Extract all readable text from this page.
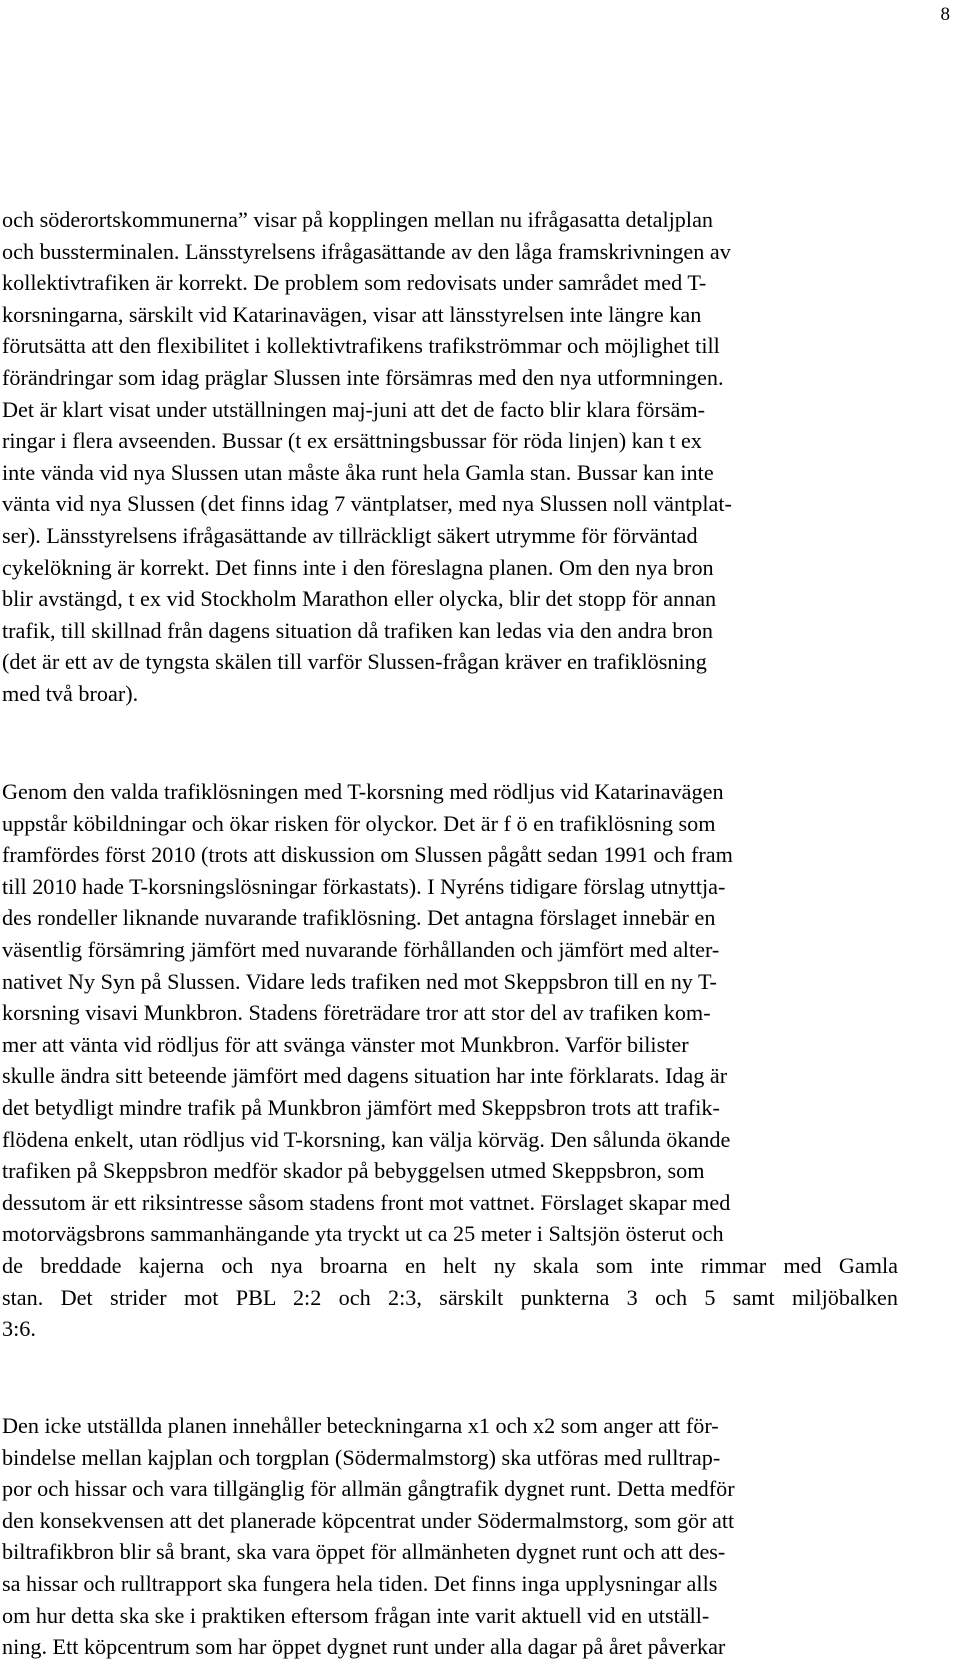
8
och söderortskommunerna” visar på kopplingen mellan nu ifrågasatta detaljplan
och bussterminalen. Länsstyrelsens ifrågasättande av den låga framskrivningen av
kollektivtrafiken är korrekt. De problem som redovisats under samrådet med T-
korsningarna, särskilt vid Katarinavägen, visar att länsstyrelsen inte längre kan
förutsätta att den flexibilitet i kollektivtrafikens trafikströmmar och möjlighet till
förändringar som idag präglar Slussen inte försämras med den nya utformningen.
Det är klart visat under utställningen maj-juni att det de facto blir klara försäm-
ringar i flera avseenden. Bussar (t ex ersättningsbussar för röda linjen) kan t ex
inte vända vid nya Slussen utan måste åka runt hela Gamla stan. Bussar kan inte
vänta vid nya Slussen (det finns idag 7 väntplatser, med nya Slussen noll väntplat-
ser). Länsstyrelsens ifrågasättande av tillräckligt säkert utrymme för förväntad
cykelökning är korrekt. Det finns inte i den föreslagna planen. Om den nya bron
blir avstängd, t ex vid Stockholm Marathon eller olycka, blir det stopp för annan
trafik, till skillnad från dagens situation då trafiken kan ledas via den andra bron
(det är ett av de tyngsta skälen till varför Slussen-frågan kräver en trafiklösning
med två broar).
Genom den valda trafiklösningen med T-korsning med rödljus vid Katarinavägen
uppstår köbildningar och ökar risken för olyckor. Det är f ö en trafiklösning som
framfördes först 2010 (trots att diskussion om Slussen pågått sedan 1991 och fram
till 2010 hade T-korsningslösningar förkastats). I Nyréns tidigare förslag utnyttja-
des rondeller liknande nuvarande trafiklösning. Det antagna förslaget innebär en
väsentlig försämring jämfört med nuvarande förhållanden och jämfört med alter-
nativet Ny Syn på Slussen. Vidare leds trafiken ned mot Skeppsbron till en ny T-
korsning visavi Munkbron. Stadens företrädare tror att stor del av trafiken kom-
mer att vänta vid rödljus för att svänga vänster mot Munkbron. Varför bilister
skulle ändra sitt beteende jämfört med dagens situation har inte förklarats. Idag är
det betydligt mindre trafik på Munkbron jämfört med Skeppsbron trots att trafik-
flödena enkelt, utan rödljus vid T-korsning, kan välja körväg. Den sålunda ökande
trafiken på Skeppsbron medför skador på bebyggelsen utmed Skeppsbron, som
dessutom är ett riksintresse såsom stadens front mot vattnet. Förslaget skapar med
motorvägsbrons sammanhängande yta tryckt ut ca 25 meter i Saltsjön österut och
de breddade kajerna och nya broarna en helt ny skala som inte rimmar med Gamla
stan. Det strider mot PBL 2:2 och 2:3, särskilt punkterna 3 och 5 samt miljöbalken
3:6.
Den icke utställda planen innehåller beteckningarna x1 och x2 som anger att för-
bindelse mellan kajplan och torgplan (Södermalmstorg) ska utföras med rulltrap-
por och hissar och vara tillgänglig för allmän gångtrafik dygnet runt. Detta medför
den konsekvensen att det planerade köpcentrat under Södermalmstorg, som gör att
biltrafikbron blir så brant, ska vara öppet för allmänheten dygnet runt och att des-
sa hissar och rulltrapport ska fungera hela tiden. Det finns inga upplysningar alls
om hur detta ska ske i praktiken eftersom frågan inte varit aktuell vid en utställ-
ning. Ett köpcentrum som har öppet dygnet runt under alla dagar på året påverkar
